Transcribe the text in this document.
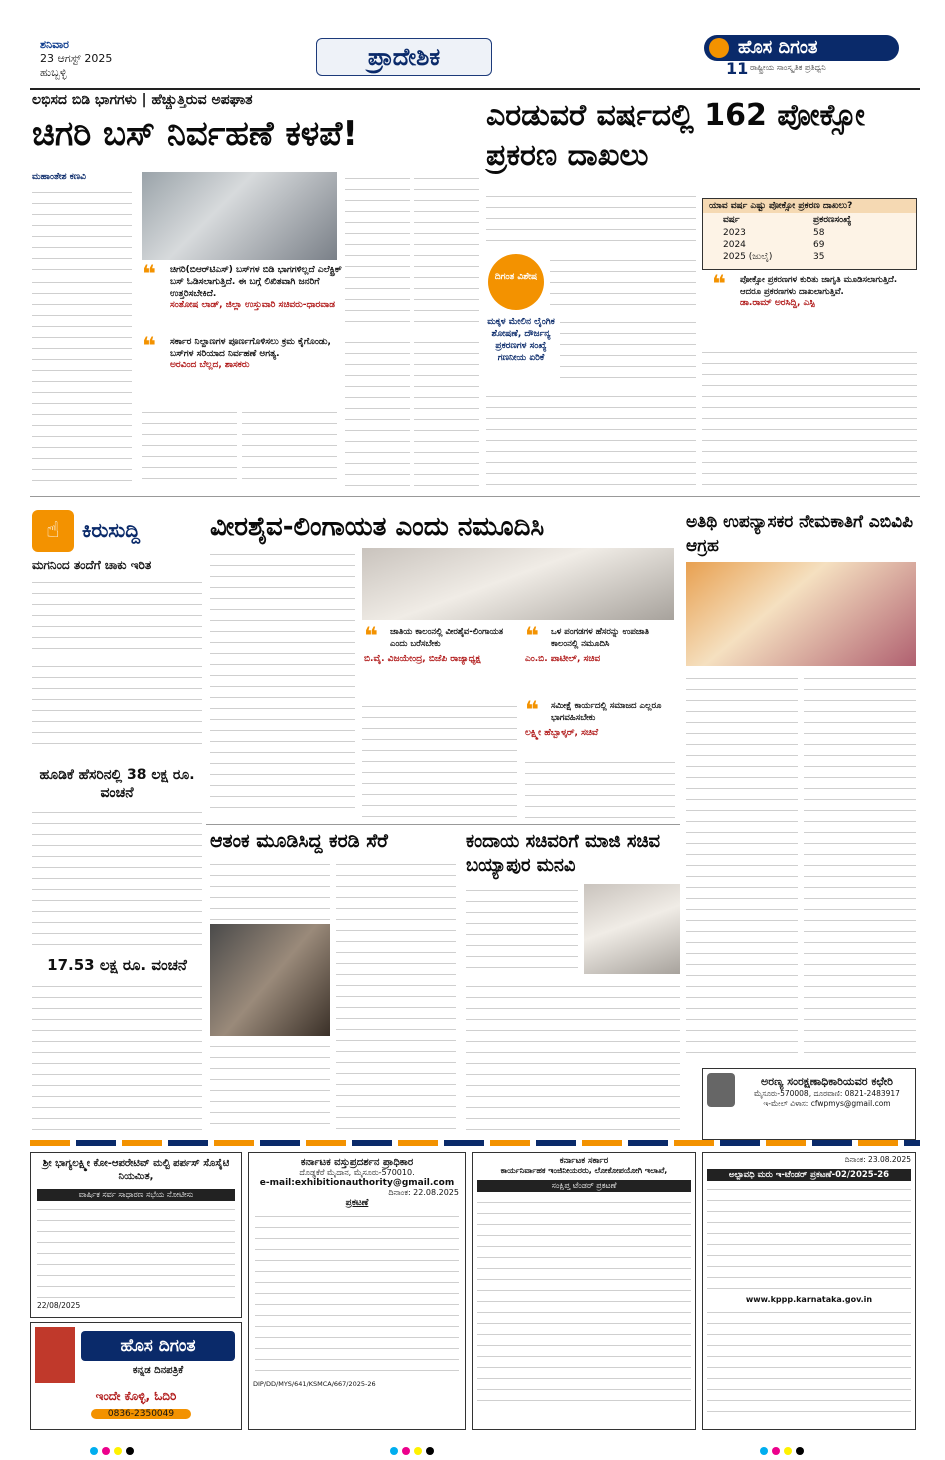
ಶನಿವಾರ
23 ಆಗಸ್ಟ್ 2025
ಹುಬ್ಬಳ್ಳಿ
ಪ್ರಾದೇಶಿಕ	ಹೊಸ ದಿಗಂತ
11 ರಾಷ್ಟ್ರೀಯ ಸಾಂಸ್ಕೃತಿಕ ಪ್ರತಿಧ್ವನಿ
ಲಭಿಸದ ಬಿಡಿ ಭಾಗಗಳು | ಹೆಚ್ಚುತ್ತಿರುವ ಅಪಘಾತ
ಚಿಗರಿ ಬಸ್ ನಿರ್ವಹಣೆ ಕಳಪೆ!
ಮಹಾಂತೇಶ ಕಣವಿ
❝ ಚಿಗರಿ(ಬಿಆರ್‌ಟಿಎಸ್) ಬಸ್‌ಗಳ ಬಿಡಿ ಭಾಗಗಳಿಲ್ಲದೆ ಎಲೆಕ್ಟ್ರಿಕ್ ಬಸ್ ಓಡಿಸಲಾಗುತ್ತಿದೆ. ಈ ಬಗ್ಗೆ ಲಿಖಿತವಾಗಿ ಜನರಿಗೆ ಉತ್ತರಿಸಬೇಕಿದೆ.
ಸಂತೋಷ ಲಾಡ್, ಜಿಲ್ಲಾ ಉಸ್ತುವಾರಿ ಸಚಿವರು-ಧಾರವಾಡ
❝ ಸರ್ಕಾರ ನಿಲ್ದಾಣಗಳ ಪೂರ್ಣಗೊಳಿಸಲು ಕ್ರಮ ಕೈಗೊಂಡು, ಬಸ್‌ಗಳ ಸರಿಯಾದ ನಿರ್ವಹಣೆ ಅಗತ್ಯ.
ಅರವಿಂದ ಬೆಲ್ಲದ, ಶಾಸಕರು
ಎರಡುವರೆ ವರ್ಷದಲ್ಲಿ 162 ಪೋಕ್ಸೋ ಪ್ರಕರಣ ದಾಖಲು
ದಿಗಂತ ವಿಶೇಷ
ಮಕ್ಕಳ ಮೇಲಿನ ಲೈಂಗಿಕ ಶೋಷಣೆ, ದೌರ್ಜನ್ಯ ಪ್ರಕರಣಗಳ ಸಂಖ್ಯೆ ಗಣನೀಯ ಏರಿಕೆ
ಯಾವ ವರ್ಷ ಎಷ್ಟು ಪೋಕ್ಸೋ ಪ್ರಕರಣ ದಾಖಲು?
ವರ್ಷ	ಪ್ರಕರಣಸಂಖ್ಯೆ
2023	58
2024	69
2025 (ಜುಲೈ)	35
❝ ಪೋಕ್ಸೋ ಪ್ರಕರಣಗಳ ಕುರಿತು ಜಾಗೃತಿ ಮೂಡಿಸಲಾಗುತ್ತಿದೆ. ಆದರೂ ಪ್ರಕರಣಗಳು ದಾಖಲಾಗುತ್ತಿವೆ.
ಡಾ.ರಾಮ್ ಅರಸಿದ್ದಿ, ಎಸ್ಪಿ
☝	ಕಿರುಸುದ್ದಿ
ಮಗನಿಂದ ತಂದೆಗೆ ಚಾಕು ಇರಿತ
ಹೂಡಿಕೆ ಹೆಸರಿನಲ್ಲಿ 38 ಲಕ್ಷ ರೂ. ವಂಚನೆ
17.53 ಲಕ್ಷ ರೂ. ವಂಚನೆ
ವೀರಶೈವ-ಲಿಂಗಾಯತ ಎಂದು ನಮೂದಿಸಿ
❝ ಜಾತಿಯ ಕಾಲಂನಲ್ಲಿ ವೀರಶೈವ-ಲಿಂಗಾಯತ ಎಂದು ಬರೆಸಬೇಕು
ಬಿ.ವೈ. ವಿಜಯೇಂದ್ರ, ಬಿಜೆಪಿ ರಾಜ್ಯಾಧ್ಯಕ್ಷ
❝ ಒಳ ಪಂಗಡಗಳ ಹೆಸರನ್ನು ಉಪಜಾತಿ ಕಾಲಂನಲ್ಲಿ ನಮೂದಿಸಿ
ಎಂ.ಬಿ. ಪಾಟೀಲ್, ಸಚಿವ
❝ ಸಮೀಕ್ಷೆ ಕಾರ್ಯದಲ್ಲಿ ಸಮಾಜದ ಎಲ್ಲರೂ ಭಾಗವಹಿಸಬೇಕು
ಲಕ್ಷ್ಮೀ ಹೆಬ್ಬಾಳ್ಕರ್, ಸಚಿವೆ
ಅತಿಥಿ ಉಪನ್ಯಾಸಕರ ನೇಮಕಾತಿಗೆ ಎಬಿವಿಪಿ ಆಗ್ರಹ
ಆತಂಕ ಮೂಡಿಸಿದ್ದ ಕರಡಿ ಸೆರೆ	ಕಂದಾಯ ಸಚಿವರಿಗೆ ಮಾಜಿ ಸಚಿವ ಬಯ್ಯಾಪುರ ಮನವಿ
ಅರಣ್ಯ ಸಂರಕ್ಷಣಾಧಿಕಾರಿಯವರ ಕಛೇರಿ
ಮೈಸೂರು-570008, ದೂರವಾಣಿ: 0821-2483917
ಇ-ಮೇಲ್ ವಿಳಾಸ: cfwpmys@gmail.com
ಶ್ರೀ ಭಾಗ್ಯಲಕ್ಷ್ಮೀ ಕೋ-ಆಪರೇಟಿವ್ ಮಲ್ಟಿ ಪರ್ಪಸ್ ಸೊಸೈಟಿ ನಿಯಮಿತ,
ವಾರ್ಷಿಕ ಸರ್ವ ಸಾಧಾರಣ ಸಭೆಯ ನೋಟೀಸು
22/08/2025
ಹೊಸ ದಿಗಂತ
ಕನ್ನಡ ದಿನಪತ್ರಿಕೆ
ಇಂದೇ ಕೊಳ್ಳಿ, ಓದಿರಿ
0836-2350049
ಕರ್ನಾಟಕ ವಸ್ತುಪ್ರದರ್ಶನ ಪ್ರಾಧಿಕಾರ
ದೊಡ್ಡಕೆರೆ ಮೈದಾನ, ಮೈಸೂರು-570010.
e-mail:exhibitionauthority@gmail.com
ದಿನಾಂಕ: 22.08.2025
ಪ್ರಕಟಣೆ
DIP/DD/MYS/641/KSMCA/667/2025-26
ಕರ್ನಾಟಕ ಸರ್ಕಾರ
ಕಾರ್ಯನಿರ್ವಾಹಕ ಇಂಜಿನೀಯರರು, ಲೋಕೋಪಯೋಗಿ ಇಲಾಖೆ,
ಸಂಕ್ಷಿಪ್ತ ಟೆಂಡರ್ ಪ್ರಕಟಣೆ
ದಿನಾಂಕ: 23.08.2025
ಅಲ್ಪಾವಧಿ ಮರು ಇ-ಟೆಂಡರ್ ಪ್ರಕಟಣೆ-02/2025-26
www.kppp.karnataka.gov.in
